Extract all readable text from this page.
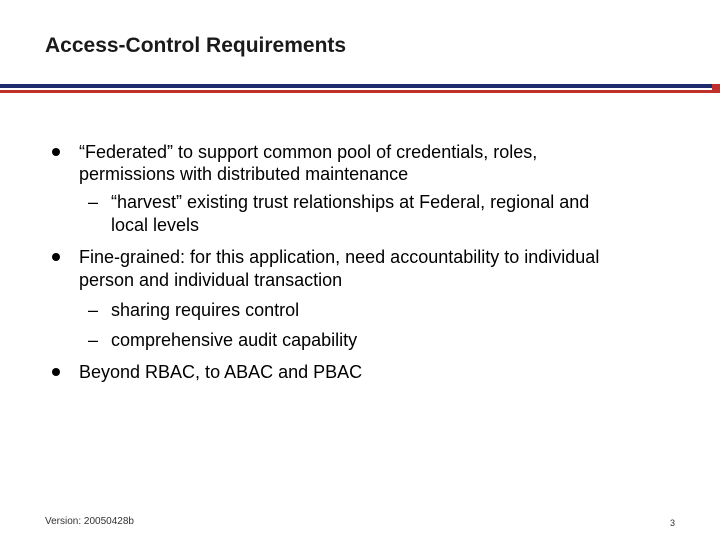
Access-Control Requirements
“Federated” to support common pool of credentials, roles,
permissions with distributed maintenance
– “harvest” existing trust relationships at Federal, regional and
local levels
Fine-grained: for this application, need accountability to individual
person and individual transaction
– sharing requires control
– comprehensive audit capability
Beyond RBAC, to ABAC and PBAC
Version: 20050428b	3
